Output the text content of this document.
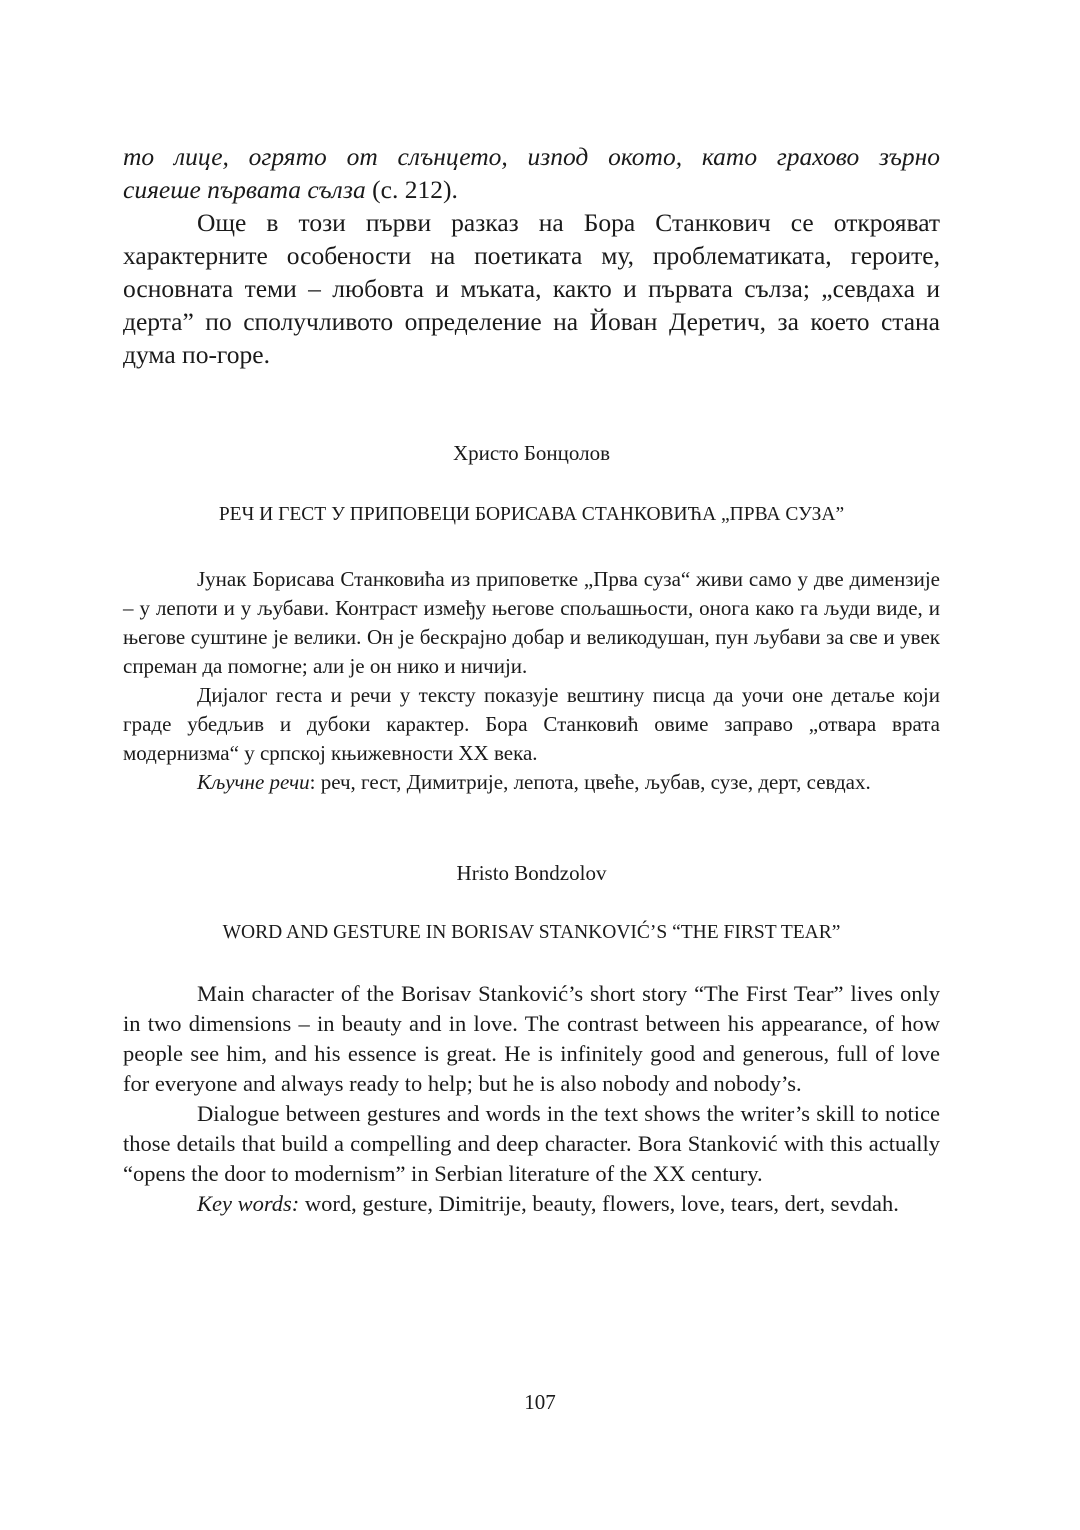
то лице, огрято от слънцето, изпод окото, като грахово зърно

сияеше първата сълза (с. 212).

Още в този първи разказ на Бора Станкович се открояват характерните особености на поетиката му, проблематиката, героите, основната теми – любовта и мъката, както и първата сълза; „севдаха и дерта” по сполучливото определение на Йован Деретич, за което стана дума по-горе.

Христо Бонцолов

РЕЧ И ГЕСТ У ПРИПОВЕЦИ БОРИСАВА СТАНКОВИЋА „ПРВА СУЗА”

Јунак Борисава Станковића из приповетке „Прва суза“ живи само у две димензије – у лепоти и у љубави. Контраст између његове спољашњости, онога како га људи виде, и његове суштине је велики. Он је бескрајно добар и великодушан, пун љубави за све и увек спреман да помогне; али је он нико и ничији.

Дијалог геста и речи у тексту показује вештину писца да уочи оне детаље који граде убедљив и дубоки карактер. Бора Станковић овиме заправо „отвара врата модернизма“ у српској књижевности XX века.

Кључне речи: реч, гест, Димитрије, лепота, цвеће, љубав, сузе, дерт, севдах.

Hristo Bondzolov

WORD AND GESTURE IN BORISAV STANKOVIĆ’S “THE FIRST TEAR”

Main character of the Borisav Stanković’s short story “The First Tear” lives only in two dimensions – in beauty and in love. The contrast between his appearance, of how people see him, and his essence is great. He is infinitely good and generous, full of love for everyone and always ready to help; but he is also nobody and nobody’s.

Dialogue between gestures and words in the text shows the writer’s skill to notice those details that build a compelling and deep character. Bora Stanković with this actually “opens the door to modernism” in Serbian literature of the XX century.

Key words: word, gesture, Dimitrije, beauty, flowers, love, tears, dert, sevdah.

107
